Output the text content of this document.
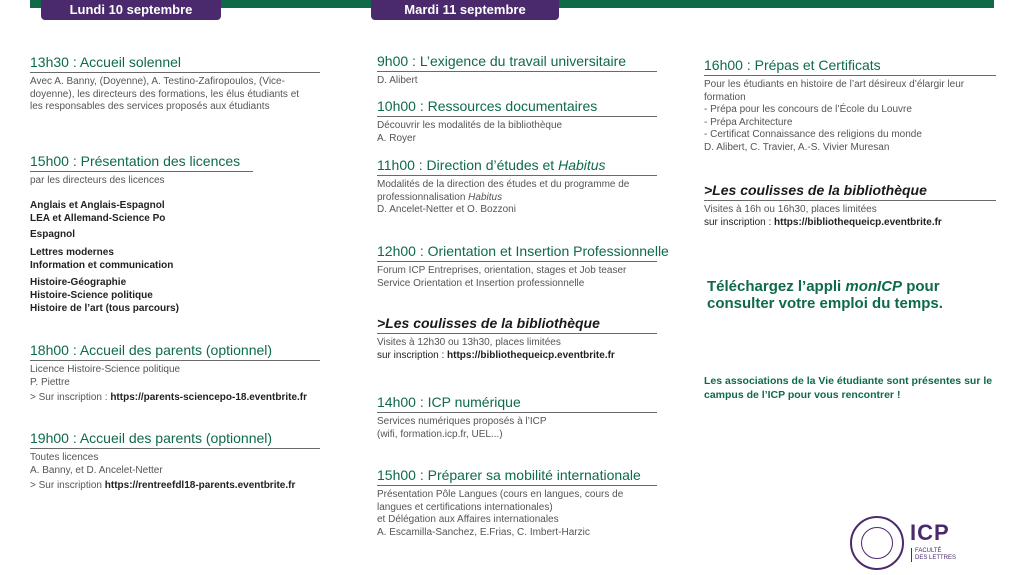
Lundi 10 septembre	Mardi 11 septembre
13h30 : Accueil solennel
Avec A. Banny, (Doyenne), A. Testino-Zafiropoulos, (Vice-
doyenne), les directeurs des formations, les élus étudiants et
les responsables des services proposés aux étudiants
15h00 : Présentation des licences
par les directeurs des licences
Anglais et Anglais-Espagnol
LEA et Allemand-Science Po
Espagnol
Lettres modernes
Information et communication
Histoire-Géographie
Histoire-Science politique
Histoire de l’art (tous parcours)
18h00 : Accueil des parents (optionnel)
Licence Histoire-Science politique
P. Piettre
> Sur inscription : https://parents-sciencepo-18.eventbrite.fr
19h00 : Accueil des parents (optionnel)
Toutes licences
A. Banny, et D. Ancelet-Netter
> Sur inscription https://rentreefdl18-parents.eventbrite.fr
9h00 : L’exigence du travail universitaire
D. Alibert
10h00 : Ressources documentaires
Découvrir les modalités de la bibliothèque
A. Royer
11h00 : Direction d’études et Habitus
Modalités de la direction des études et du programme de
professionnalisation Habitus
D. Ancelet-Netter et O. Bozzoni
12h00 : Orientation et Insertion Professionnelle
Forum ICP Entreprises, orientation, stages et Job teaser
Service Orientation et Insertion professionnelle
>Les coulisses de la bibliothèque
Visites à 12h30 ou 13h30, places limitées
sur inscription : https://bibliothequeicp.eventbrite.fr
14h00 : ICP numérique
Services numériques proposés à l’ICP
(wifi, formation.icp.fr, UEL...)
15h00 : Préparer sa mobilité internationale
Présentation Pôle Langues (cours en langues, cours de
langues et certifications internationales)
et Délégation aux Affaires internationales
A. Escamilla-Sanchez, E.Frias, C. Imbert-Harzic
16h00 : Prépas et Certificats
Pour les étudiants en histoire de l’art désireux d’élargir leur
formation
- Prépa pour les concours de l’École du Louvre
- Prépa Architecture
- Certificat Connaissance des religions du monde
D. Alibert, C. Travier, A.-S. Vivier Muresan
>Les coulisses de la bibliothèque
Visites à 16h ou 16h30, places limitées
sur inscription : https://bibliothequeicp.eventbrite.fr
Téléchargez l’appli monICP pour
consulter votre emploi du temps.
Les associations de la Vie étudiante sont présentes sur le
campus de l’ICP pour vous rencontrer !
ICP
FACULTÉ
DES LETTRES
